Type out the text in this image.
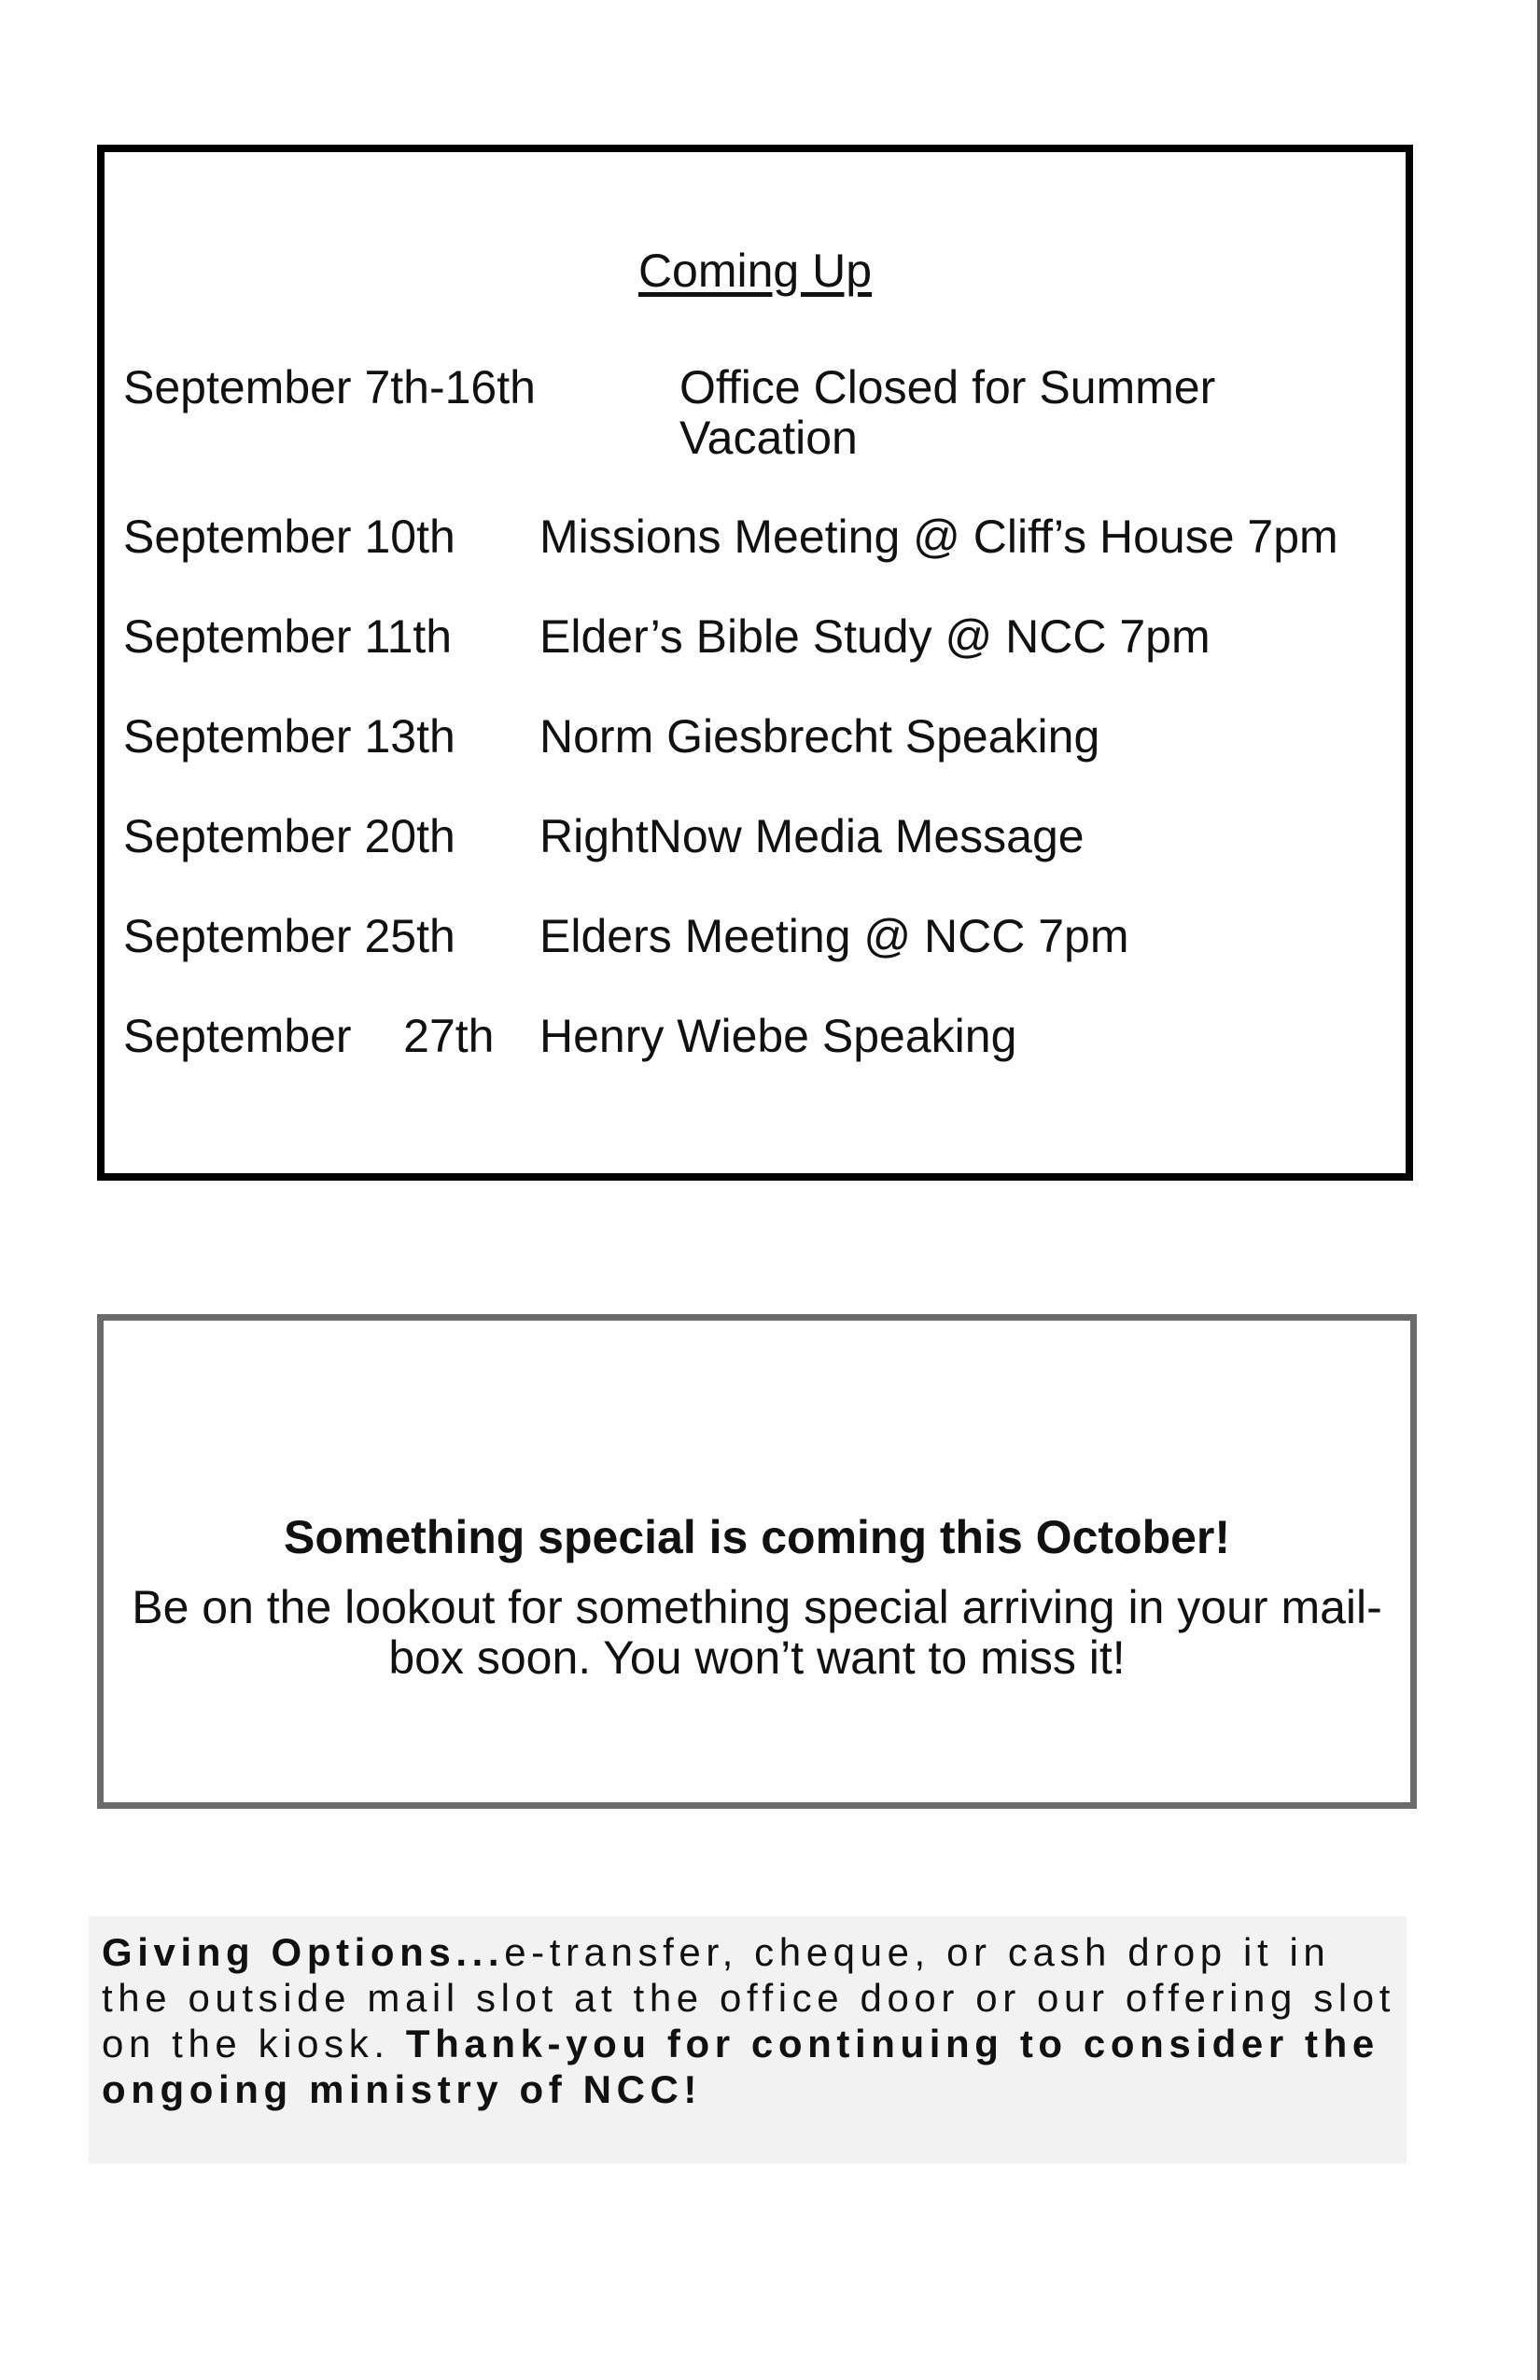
Coming Up
September 7th-16th	Office Closed for Summer Vacation
September 10th Missions Meeting @ Cliff’s House 7pm
September 11th Elder’s Bible Study @ NCC 7pm
September 13th Norm Giesbrecht Speaking
September 20th RightNow Media Message
September 25th Elders Meeting @ NCC 7pm
September    27th Henry Wiebe Speaking
Something special is coming this October!
Be on the lookout for something special arriving in your mail-box soon. You won’t want to miss it!
Giving Options...e-transfer, cheque, or cash drop it in the outside mail slot at the office door or our offering slot on the kiosk. Thank-you for continuing to consider the ongoing ministry of NCC!
